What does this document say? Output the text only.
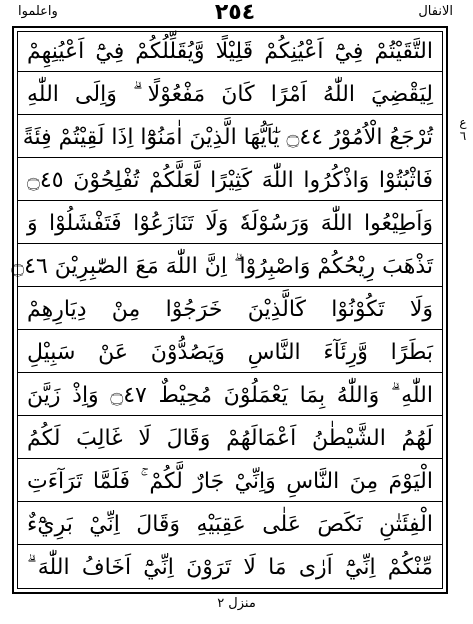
واعلموا	٢٥٤	الانفال
التَّقَيْتُمْ فِيْٓ اَعْيُنِكُمْ قَلِيْلًا وَّيُقَلِّلُكُمْ فِيْٓ اَعْيُنِهِمْ
لِيَقْضِيَ اللّٰهُ اَمْرًا كَانَ مَفْعُوْلًا ۗ وَاِلَى اللّٰهِ
تُرْجَعُ الْاُمُوْرُ ۝٤٤ يٰٓاَيُّهَا الَّذِيْنَ اٰمَنُوْٓا اِذَا لَقِيْتُمْ فِئَةً
فَاثْبُتُوْا وَاذْكُرُوا اللّٰهَ كَثِيْرًا لَّعَلَّكُمْ تُفْلِحُوْنَ ۝٤٥
وَاَطِيْعُوا اللّٰهَ وَرَسُوْلَهٗ وَلَا تَنَازَعُوْا فَتَفْشَلُوْا وَ
تَذْهَبَ رِيْحُكُمْ وَاصْبِرُوْا ۗ اِنَّ اللّٰهَ مَعَ الصّٰبِرِيْنَ ۝٤٦
وَلَا تَكُوْنُوْا كَالَّذِيْنَ خَرَجُوْا مِنْ دِيَارِهِمْ
بَطَرًا وَّرِئَآءَ النَّاسِ وَيَصُدُّوْنَ عَنْ سَبِيْلِ
اللّٰهِ ۗ وَاللّٰهُ بِمَا يَعْمَلُوْنَ مُحِيْطٌ ۝٤٧ وَاِذْ زَيَّنَ
لَهُمُ الشَّيْطٰنُ اَعْمَالَهُمْ وَقَالَ لَا غَالِبَ لَكُمُ
الْيَوْمَ مِنَ النَّاسِ وَاِنِّيْ جَارٌ لَّكُمْ ۚ فَلَمَّا تَرَآءَتِ
الْفِئَتٰنِ نَكَصَ عَلٰى عَقِبَيْهِ وَقَالَ اِنِّيْ بَرِيْٓءٌ
مِّنْكُمْ اِنِّيْٓ اَرٰى مَا لَا تَرَوْنَ اِنِّيْٓ اَخَافُ اللّٰهَ ۗ
ع ٦
منزل ٢
